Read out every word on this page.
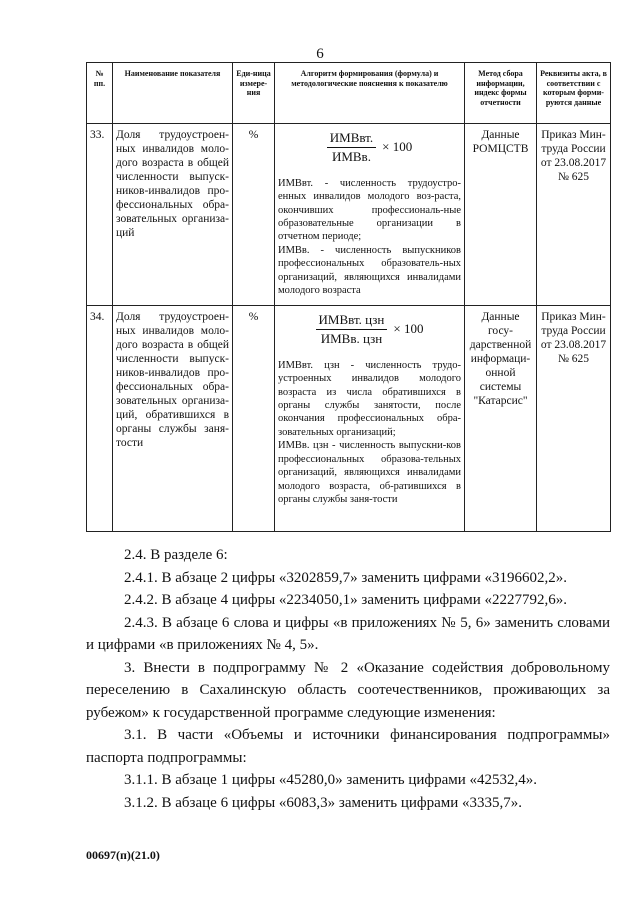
6
№ пп.	Наименование показателя	Еди-ница измере-ния	Алгоритм формирования (формула) и методологические пояснения к показателю	Метод сбора информации, индекс формы отчетности	Реквизиты акта, в соответствии с которым форми-руются данные
33.	Доля трудоустроен-ных инвалидов моло-дого возраста в общей численности выпуск-ников-инвалидов про-фессиональных обра-зовательных организа-ций	%	$\frac{\text{ИМВвт.}}{\text{ИМВв.}} \times 100$

ИМВвт. - численность трудоустро-енных инвалидов молодого воз-раста, окончивших профессиональ-ные образовательные организации в отчетном периоде;

ИМВв. - численность выпускников профессиональных образователь-ных организаций, являющихся инвалидами молодого возраста	Данные РОМЦСТВ	Приказ Мин-труда России от 23.08.2017 № 625
34.	Доля трудоустроен-ных инвалидов моло-дого возраста в общей численности выпуск-ников-инвалидов про-фессиональных обра-зовательных организа-ций, обратившихся в органы службы заня-тости	%	$\frac{\text{ИМВвт. цзн}}{\text{ИМВв. цзн}} \times 100$

ИМВвт. цзн - численность трудо-устроенных инвалидов молодого возраста из числа обратившихся в органы службы занятости, после окончания профессиональных обра-зовательных организаций;

ИМВв. цзн - численность выпускни-ков профессиональных образова-тельных организаций, являющихся инвалидами молодого возраста, об-ратившихся в органы службы заня-тости	Данные госу-дарственной информаци-онной системы "Катарсис"	Приказ Мин-труда России от 23.08.2017 № 625

2.4. В разделе 6:

2.4.1. В абзаце 2 цифры «3202859,7» заменить цифрами «3196602,2».

2.4.2. В абзаце 4 цифры «2234050,1» заменить цифрами «2227792,6».

2.4.3. В абзаце 6 слова и цифры «в приложениях № 5, 6» заменить словами и цифрами «в приложениях № 4, 5».

3. Внести в подпрограмму № 2 «Оказание содействия добровольному переселению в Сахалинскую область соотечественников, проживающих за рубежом» к государственной программе следующие изменения:

3.1. В части «Объемы и источники финансирования подпрограммы» паспорта подпрограммы:

3.1.1. В абзаце 1 цифры «45280,0» заменить цифрами «42532,4».

3.1.2. В абзаце 6 цифры «6083,3» заменить цифрами «3335,7».

00697(п)(21.0)
